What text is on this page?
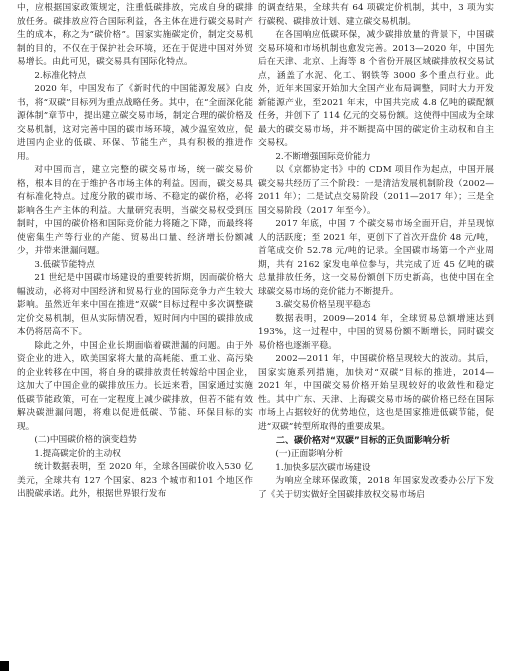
中，应根据国家政策规定，注重低碳排放，完成自身的碳排放任务。碳排放应符合国际利益，各主体在进行碳交易时产生的成本，称之为“碳价格”。国家实施碳定价，制定交易机制的目的，不仅在于保护社会环境，还在于促进中国对外贸易增长。由此可见，碳交易具有国际化特点。

2.标准化特点

2020 年，中国发布了《新时代的中国能源发展》白皮书，将“双碳”目标列为重点战略任务。其中，在“全面深化能源体制”章节中，提出建立碳交易市场，制定合理的碳价格及交易机制，这对完善中国的碳市场环境，减少温室效应，促进国内企业的低碳、环保、节能生产，具有积极的推进作用。

对中国而言，建立完整的碳交易市场，统一碳交易价格，根本目的在于维护各市场主体的利益。因而，碳交易具有标准化特点。过度分散的碳市场、不稳定的碳价格，必将影响各生产主体的利益。大量研究表明，当碳交易权受到压制时，中国的碳价格和国际竞价能力将随之下降，而最终将使密集生产等行业的产能、贸易出口量、经济增长份额减少，并带来泄漏问题。

3.低碳节能特点

21 世纪是中国碳市场建设的重要转折期，因而碳价格大幅波动，必将对中国经济和贸易行业的国际竞争力产生较大影响。虽然近年来中国在推进“双碳”目标过程中多次调整碳定价交易机制，但从实际情况看，短时间内中国的碳排放成本仍将居高不下。

除此之外，中国企业长期面临着碳泄漏的问题。由于外资企业的进入，欧美国家将大量的高耗能、重工业、高污染的企业转移在中国，将自身的碳排放责任转嫁给中国企业，这加大了中国企业的碳排放压力。长远来看，国家通过实施低碳节能政策，可在一定程度上减少碳排放，但若不能有效解决碳泄漏问题，将难以促进低碳、节能、环保目标的实现。

(二)中国碳价格的演变趋势
1.提高碳定价的主动权

统计数据表明，至 2020 年，全球各国碳价收入530 亿美元，全球共有 127 个国家、823 个城市和101 个地区作出脱碳承诺。此外，根据世界银行发布

的调查结果，全球共有 64 项碳定价机制，其中，3 项为实行碳税、碳排放计划、建立碳交易机制。

在各国响应低碳环保，减少碳排放量的背景下，中国碳交易环境和市场机制也愈发完善。2013—2020 年，中国先后在天津、北京、上海等 8 个省份开展区域碳排放权交易试点，涵盖了水泥、化工、钢铁等 3000 多个重点行业。此外，近年来国家开始加大全国产业布局调整，同时大力开发新能源产业，至2021 年末，中国共完成 4.8 亿吨的碳配额任务，并创下了 114 亿元的交易份额。这使得中国成为全球最大的碳交易市场，并不断提高中国的碳定价主动权和自主交易权。

2.不断增强国际竞价能力

以《京都协定书》中的 CDM 项目作为起点，中国开展碳交易共经历了三个阶段：一是清洁发展机制阶段（2002—2011 年）；二是试点交易阶段（2011—2017 年）；三是全国交易阶段（2017 年至今）。

2017 年底，中国 7 个碳交易市场全面开启，并呈现惊人的活跃度；至 2021 年，更创下了首次开盘价 48 元/吨，首笔成交价 52.78 元/吨的记录。全国碳市场第一个产业周期，共有 2162 家发电单位参与，共完成了近 45 亿吨的碳总量排放任务，这一交易份额创下历史新高，也使中国在全球碳交易市场的竞价能力不断提升。

3.碳交易价格呈现平稳态

数据表明，2009—2014 年，全球贸易总额增速达到 193%，这一过程中，中国的贸易份额不断增长，同时碳交易价格也逐渐平稳。

2002—2011 年，中国碳价格呈现较大的波动。其后，国家实施系列措施，加快对“双碳”目标的推进，2014—2021 年，中国碳交易价格开始呈现较好的收敛性和稳定性。其中广东、天津、上海碳交易市场的碳价格已经在国际市场上占据较好的优势地位，这也是国家推进低碳节能，促进“双碳”转型所取得的重要成果。

二、碳价格对“双碳”目标的正负面影响分析
(一)正面影响分析
1.加快多层次碳市场建设

为响应全球环保政策，2018 年国家发改委办公厅下发了《关于切实做好全国碳排放权交易市场启
